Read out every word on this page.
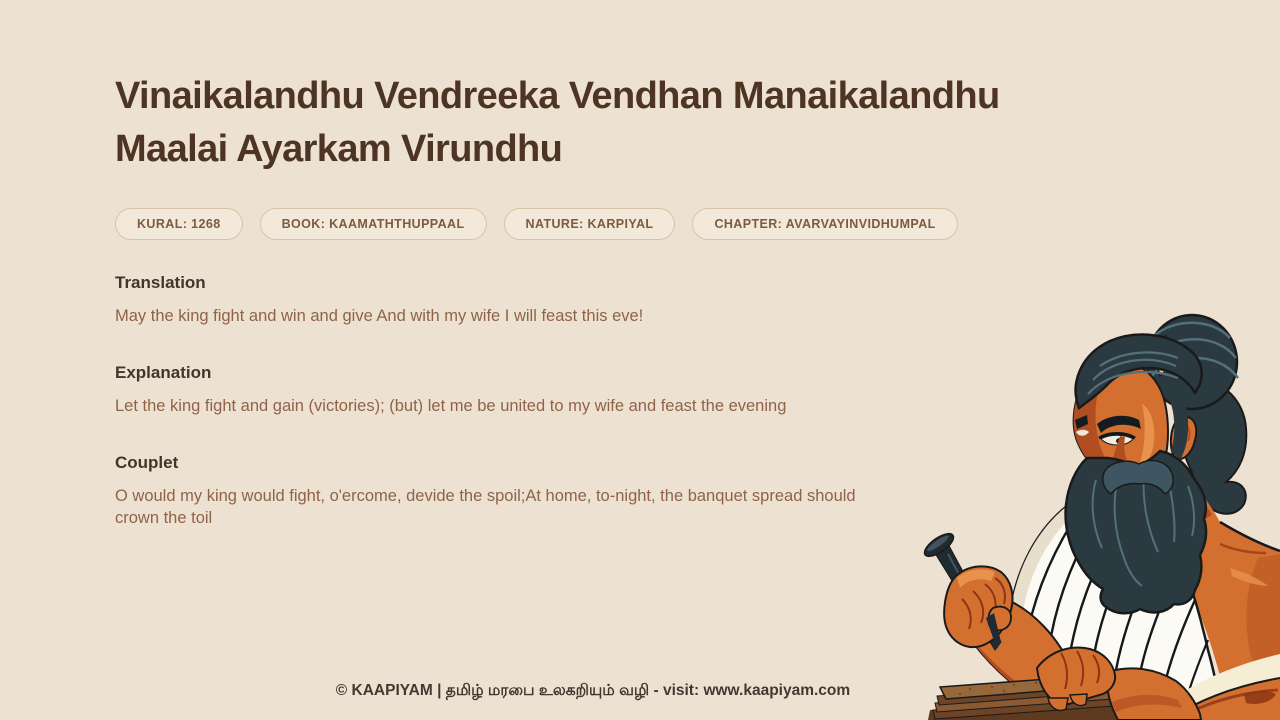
Vinaikalandhu Vendreeka Vendhan Manaikalandhu
Maalai Ayarkam Virundhu
KURAL: 1268	BOOK: KAAMATHTHUPPAAL	NATURE: KARPIYAL	CHAPTER: AVARVAYINVIDHUMPAL
Translation

May the king fight and win and give And with my wife I will feast this eve!

Explanation

Let the king fight and gain (victories); (but) let me be united to my wife and feast the evening

Couplet

O would my king would fight, o'ercome, devide the spoil;At home, to-night, the banquet spread should crown the toil

© KAAPIYAM | தமிழ் மரபை உலகறியும் வழி - visit: www.kaapiyam.com
